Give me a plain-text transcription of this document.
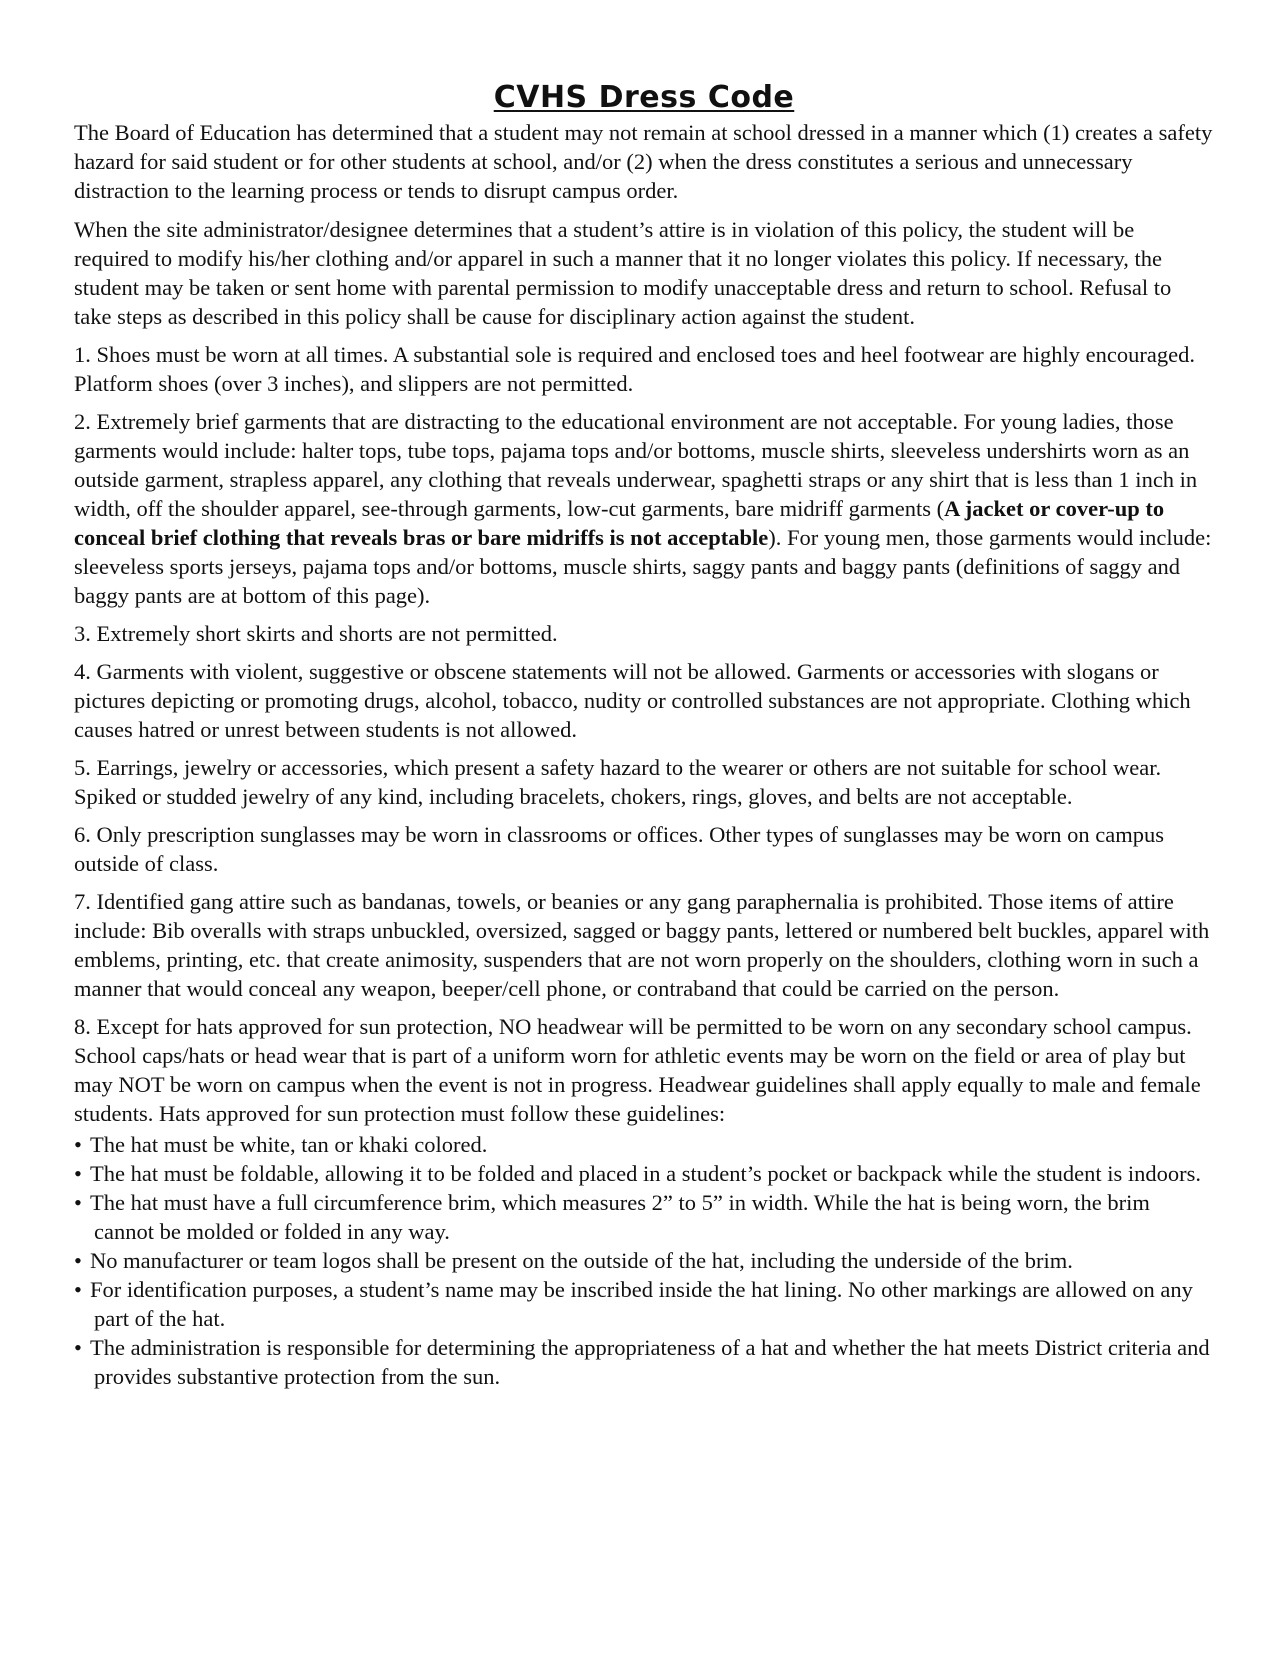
CVHS Dress Code

The Board of Education has determined that a student may not remain at school dressed in a manner which (1) creates a safety hazard for said student or for other students at school, and/or (2) when the dress constitutes a serious and unnecessary distraction to the learning process or tends to disrupt campus order.

When the site administrator/designee determines that a student’s attire is in violation of this policy, the student will be required to modify his/her clothing and/or apparel in such a manner that it no longer violates this policy. If necessary, the student may be taken or sent home with parental permission to modify unacceptable dress and return to school. Refusal to take steps as described in this policy shall be cause for disciplinary action against the student.

1. Shoes must be worn at all times. A substantial sole is required and enclosed toes and heel footwear are highly encouraged. Platform shoes (over 3 inches), and slippers are not permitted.

2. Extremely brief garments that are distracting to the educational environment are not acceptable. For young ladies, those garments would include: halter tops, tube tops, pajama tops and/or bottoms, muscle shirts, sleeveless undershirts worn as an outside garment, strapless apparel, any clothing that reveals underwear, spaghetti straps or any shirt that is less than 1 inch in width, off the shoulder apparel, see-through garments, low-cut garments, bare midriff garments (A jacket or cover-up to conceal brief clothing that reveals bras or bare midriffs is not acceptable). For young men, those garments would include: sleeveless sports jerseys, pajama tops and/or bottoms, muscle shirts, saggy pants and baggy pants (definitions of saggy and baggy pants are at bottom of this page).

3. Extremely short skirts and shorts are not permitted.

4. Garments with violent, suggestive or obscene statements will not be allowed. Garments or accessories with slogans or pictures depicting or promoting drugs, alcohol, tobacco, nudity or controlled substances are not appropriate. Clothing which causes hatred or unrest between students is not allowed.

5. Earrings, jewelry or accessories, which present a safety hazard to the wearer or others are not suitable for school wear. Spiked or studded jewelry of any kind, including bracelets, chokers, rings, gloves, and belts are not acceptable.

6. Only prescription sunglasses may be worn in classrooms or offices. Other types of sunglasses may be worn on campus outside of class.

7. Identified gang attire such as bandanas, towels, or beanies or any gang paraphernalia is prohibited. Those items of attire include: Bib overalls with straps unbuckled, oversized, sagged or baggy pants, lettered or numbered belt buckles, apparel with emblems, printing, etc. that create animosity, suspenders that are not worn properly on the shoulders, clothing worn in such a manner that would conceal any weapon, beeper/cell phone, or contraband that could be carried on the person.

8. Except for hats approved for sun protection, NO headwear will be permitted to be worn on any secondary school campus. School caps/hats or head wear that is part of a uniform worn for athletic events may be worn on the field or area of play but may NOT be worn on campus when the event is not in progress. Headwear guidelines shall apply equally to male and female students. Hats approved for sun protection must follow these guidelines:

• The hat must be white, tan or khaki colored.
• The hat must be foldable, allowing it to be folded and placed in a student’s pocket or backpack while the student is indoors.
• The hat must have a full circumference brim, which measures 2” to 5” in width. While the hat is being worn, the brim cannot be molded or folded in any way.
• No manufacturer or team logos shall be present on the outside of the hat, including the underside of the brim.
• For identification purposes, a student’s name may be inscribed inside the hat lining. No other markings are allowed on any part of the hat.
• The administration is responsible for determining the appropriateness of a hat and whether the hat meets District criteria and provides substantive protection from the sun.
